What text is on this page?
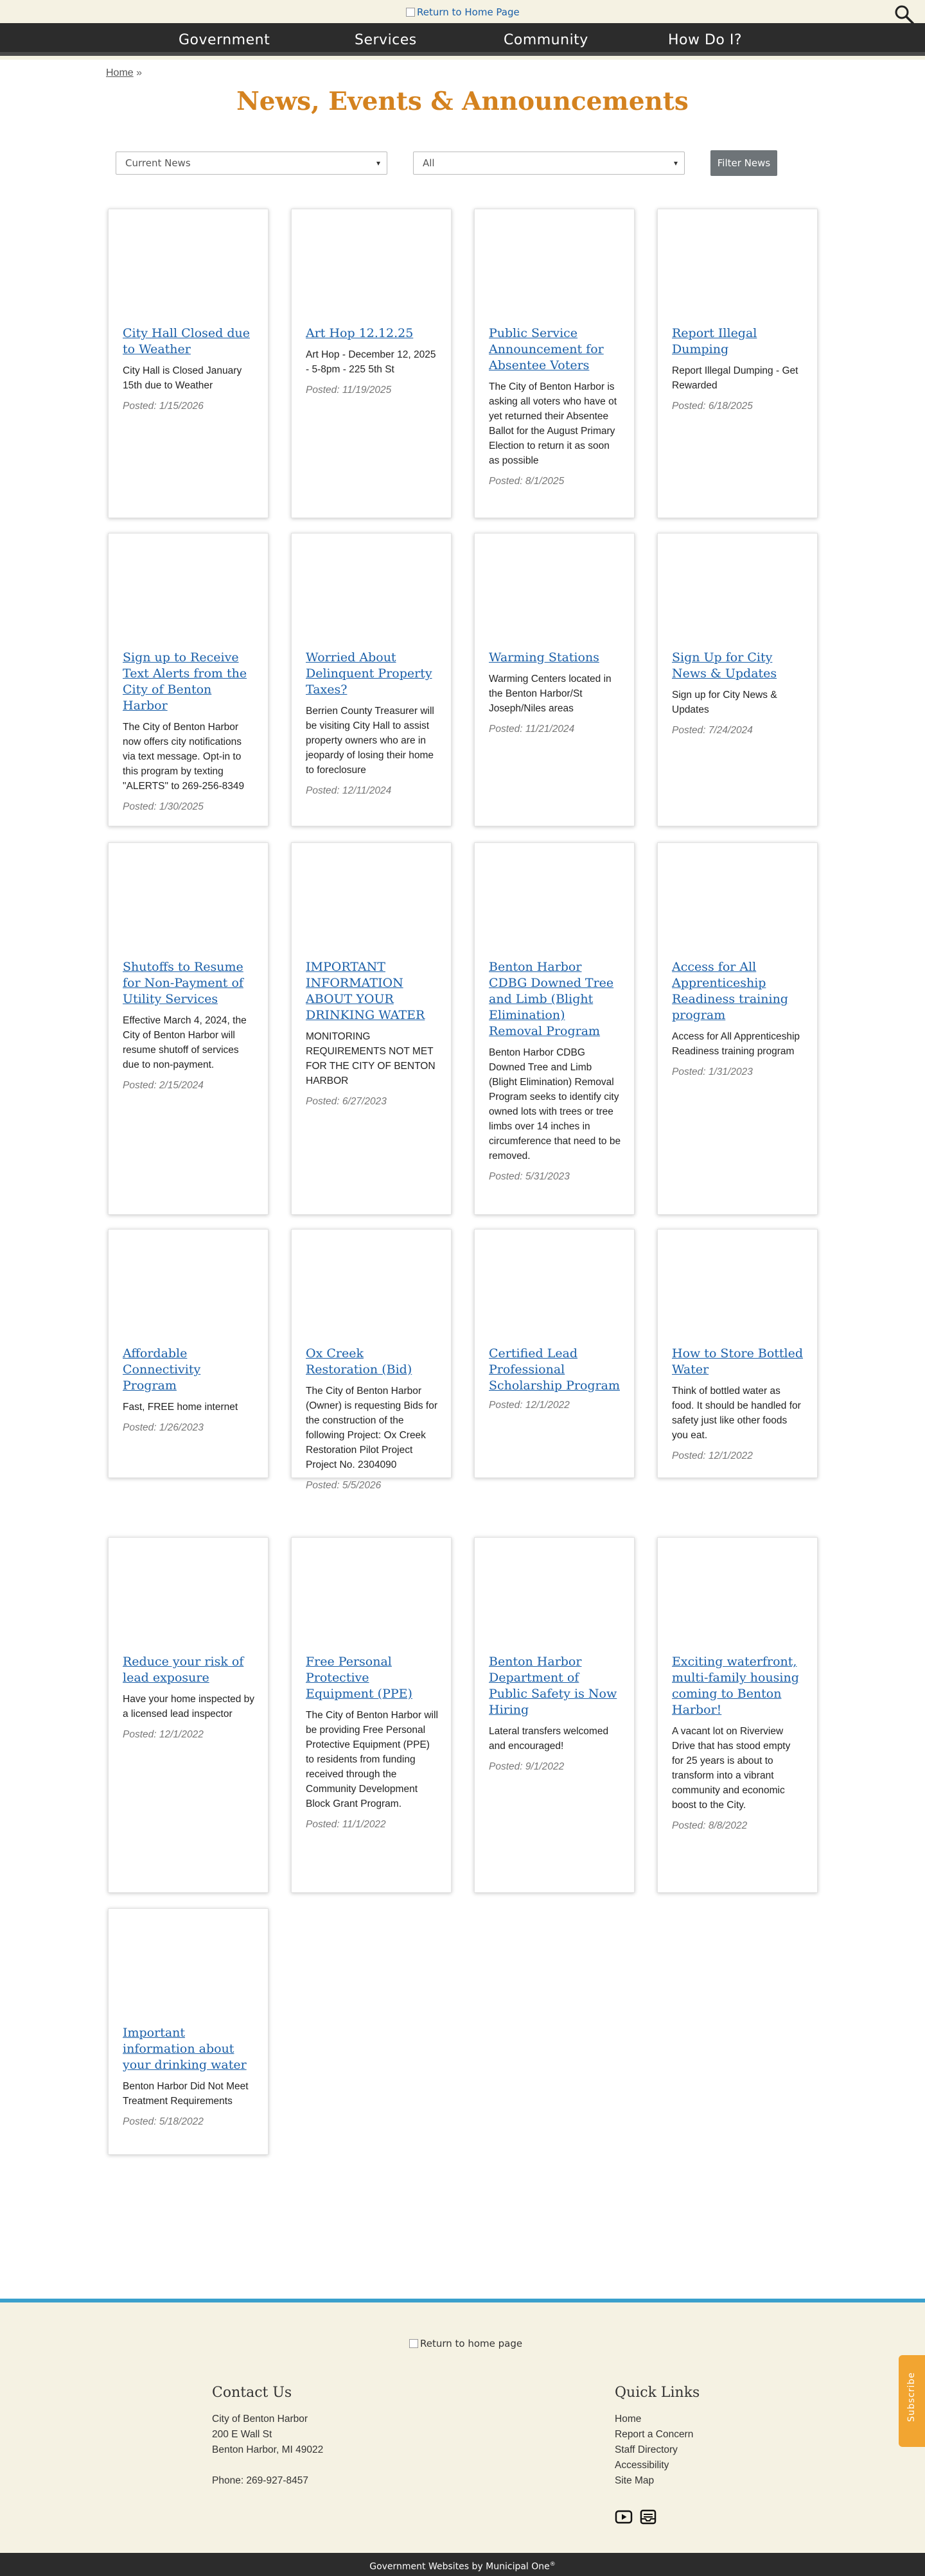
Return to Home Page
Government	Services	Community	How Do I?
Home »
News, Events & Announcements
Current News	▾	All	▾	Filter News
City Hall Closed due to Weather
City Hall is Closed January 15th due to Weather
Posted: 1/15/2026
Art Hop 12.12.25
Art Hop - December 12, 2025 - 5-8pm - 225 5th St
Posted: 11/19/2025
Public Service Announcement for Absentee Voters
The City of Benton Harbor is asking all voters who have ot yet returned their Absentee Ballot for the August Primary Election to return it as soon as possible
Posted: 8/1/2025
Report Illegal Dumping
Report Illegal Dumping - Get Rewarded
Posted: 6/18/2025
Sign up to Receive Text Alerts from the City of Benton Harbor
The City of Benton Harbor now offers city notifications via text message. Opt-in to this program by texting "ALERTS" to 269-256-8349
Posted: 1/30/2025
Worried About Delinquent Property Taxes?
Berrien County Treasurer will be visiting City Hall to assist property owners who are in jeopardy of losing their home to foreclosure
Posted: 12/11/2024
Warming Stations
Warming Centers located in the Benton Harbor/St Joseph/Niles areas
Posted: 11/21/2024
Sign Up for City News & Updates
Sign up for City News & Updates
Posted: 7/24/2024
Shutoffs to Resume for Non-Payment of Utility Services
Effective March 4, 2024, the City of Benton Harbor will resume shutoff of services due to non-payment.
Posted: 2/15/2024
IMPORTANT INFORMATION ABOUT YOUR DRINKING WATER
MONITORING REQUIREMENTS NOT MET FOR THE CITY OF BENTON HARBOR
Posted: 6/27/2023
Benton Harbor CDBG Downed Tree and Limb (Blight Elimination) Removal Program
Benton Harbor CDBG Downed Tree and Limb (Blight Elimination) Removal Program seeks to identify city owned lots with trees or tree limbs over 14 inches in circumference that need to be removed.
Posted: 5/31/2023
Access for All Apprenticeship Readiness training program
Access for All Apprenticeship Readiness training program
Posted: 1/31/2023
Affordable Connectivity Program
Fast, FREE home internet
Posted: 1/26/2023
Ox Creek Restoration (Bid)
The City of Benton Harbor (Owner) is requesting Bids for the construction of the following Project: Ox Creek Restoration Pilot Project Project No. 2304090
Posted: 5/5/2026
Certified Lead Professional Scholarship Program
Posted: 12/1/2022
How to Store Bottled Water
Think of bottled water as food. It should be handled for safety just like other foods you eat.
Posted: 12/1/2022
Reduce your risk of lead exposure
Have your home inspected by a licensed lead inspector
Posted: 12/1/2022
Free Personal Protective Equipment (PPE)
The City of Benton Harbor will be providing Free Personal Protective Equipment (PPE) to residents from funding received through the Community Development Block Grant Program.
Posted: 11/1/2022
Benton Harbor Department of Public Safety is Now Hiring
Lateral transfers welcomed and encouraged!
Posted: 9/1/2022
Exciting waterfront, multi-family housing coming to Benton Harbor!
A vacant lot on Riverview Drive that has stood empty for 25 years is about to transform into a vibrant community and economic boost to the City.
Posted: 8/8/2022
Important information about your drinking water
Benton Harbor Did Not Meet Treatment Requirements
Posted: 5/18/2022
Return to home page
Contact Us
City of Benton Harbor
200 E Wall St
Benton Harbor, MI 49022
Phone: 269-927-8457
Quick Links
Home
Report a Concern
Staff Directory
Accessibility
Site Map
Subscribe
Government Websites by Municipal One®
